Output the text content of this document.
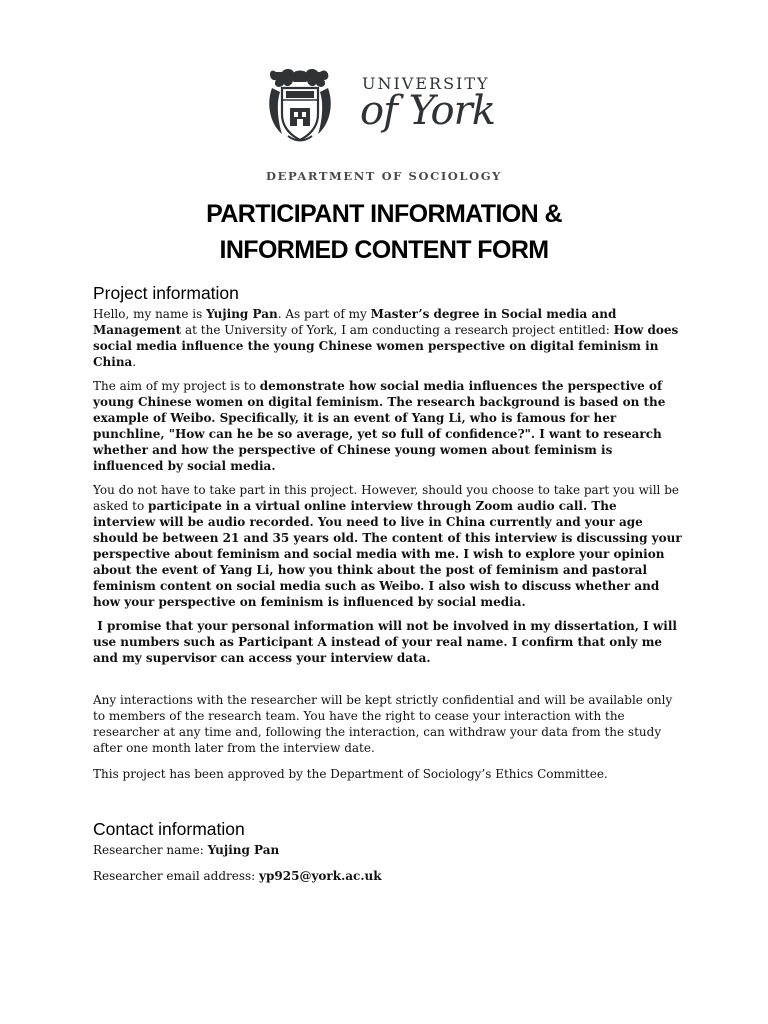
UNIVERSITY
of York
DEPARTMENT OF SOCIOLOGY
PARTICIPANT INFORMATION &
INFORMED CONTENT FORM
Project information

Hello, my name is Yujing Pan. As part of my Master’s degree in Social media and Management at the University of York, I am conducting a research project entitled: How does social media influence the young Chinese women perspective on digital feminism in China.

The aim of my project is to demonstrate how social media influences the perspective of young Chinese women on digital feminism. The research background is based on the example of Weibo. Specifically, it is an event of Yang Li, who is famous for her punchline, "How can he be so average, yet so full of confidence?". I want to research whether and how the perspective of Chinese young women about feminism is influenced by social media.

You do not have to take part in this project. However, should you choose to take part you will be asked to participate in a virtual online interview through Zoom audio call. The interview will be audio recorded. You need to live in China currently and your age should be between 21 and 35 years old. The content of this interview is discussing your perspective about feminism and social media with me. I wish to explore your opinion about the event of Yang Li, how you think about the post of feminism and pastoral feminism content on social media such as Weibo. I also wish to discuss whether and how your perspective on feminism is influenced by social media.

I promise that your personal information will not be involved in my dissertation, I will use numbers such as Participant A instead of your real name. I confirm that only me and my supervisor can access your interview data.

Any interactions with the researcher will be kept strictly confidential and will be available only to members of the research team. You have the right to cease your interaction with the researcher at any time and, following the interaction, can withdraw your data from the study after one month later from the interview date.

This project has been approved by the Department of Sociology’s Ethics Committee.

Contact information

Researcher name: Yujing Pan

Researcher email address: yp925@york.ac.uk
